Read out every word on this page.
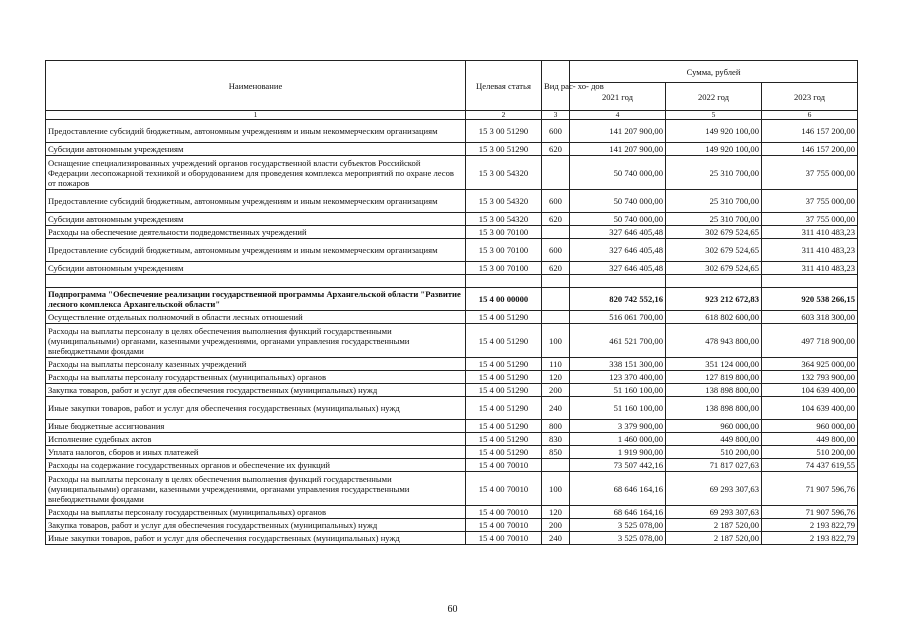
Наименование	Целевая статья	Вид рас- хо- дов	Сумма, рублей		
			2021 год	2022 год	2023 год
1	2	3	4	5	6
Предоставление субсидий бюджетным, автономным учреждениям и иным некоммерческим организациям	15 3 00 51290	600	141 207 900,00	149 920 100,00	146 157 200,00
Субсидии автономным учреждениям	15 3 00 51290	620	141 207 900,00	149 920 100,00	146 157 200,00
Оснащение специализированных учреждений органов государственной власти субъектов Российской Федерации лесопожарной техникой и оборудованием для проведения комплекса мероприятий по охране лесов от пожаров	15 3 00 54320		50 740 000,00	25 310 700,00	37 755 000,00
Предоставление субсидий бюджетным, автономным учреждениям и иным некоммерческим организациям	15 3 00 54320	600	50 740 000,00	25 310 700,00	37 755 000,00
Субсидии автономным учреждениям	15 3 00 54320	620	50 740 000,00	25 310 700,00	37 755 000,00
Расходы на обеспечение деятельности подведомственных учреждений	15 3 00 70100		327 646 405,48	302 679 524,65	311 410 483,23
Предоставление субсидий бюджетным, автономным учреждениям и иным некоммерческим организациям	15 3 00 70100	600	327 646 405,48	302 679 524,65	311 410 483,23
Субсидии автономным учреждениям	15 3 00 70100	620	327 646 405,48	302 679 524,65	311 410 483,23

Подпрограмма "Обеспечение реализации государственной программы Архангельской области "Развитие лесного комплекса Архангельской области"	15 4 00 00000		820 742 552,16	923 212 672,83	920 538 266,15
Осуществление отдельных полномочий в области лесных отношений	15 4 00 51290		516 061 700,00	618 802 600,00	603 318 300,00
Расходы на выплаты персоналу в целях обеспечения выполнения функций государственными (муниципальными) органами, казенными учреждениями, органами управления государственными внебюджетными фондами	15 4 00 51290	100	461 521 700,00	478 943 800,00	497 718 900,00
Расходы на выплаты персоналу казенных учреждений	15 4 00 51290	110	338 151 300,00	351 124 000,00	364 925 000,00
Расходы на выплаты персоналу государственных (муниципальных) органов	15 4 00 51290	120	123 370 400,00	127 819 800,00	132 793 900,00
Закупка товаров, работ и услуг для обеспечения государственных (муниципальных) нужд	15 4 00 51290	200	51 160 100,00	138 898 800,00	104 639 400,00
Иные закупки товаров, работ и услуг для обеспечения государственных (муниципальных) нужд	15 4 00 51290	240	51 160 100,00	138 898 800,00	104 639 400,00
Иные бюджетные ассигнования	15 4 00 51290	800	3 379 900,00	960 000,00	960 000,00
Исполнение судебных актов	15 4 00 51290	830	1 460 000,00	449 800,00	449 800,00
Уплата налогов, сборов и иных платежей	15 4 00 51290	850	1 919 900,00	510 200,00	510 200,00
Расходы на содержание государственных органов и обеспечение их функций	15 4 00 70010		73 507 442,16	71 817 027,63	74 437 619,55
Расходы на выплаты персоналу в целях обеспечения выполнения функций государственными (муниципальными) органами, казенными учреждениями, органами управления государственными внебюджетными фондами	15 4 00 70010	100	68 646 164,16	69 293 307,63	71 907 596,76
Расходы на выплаты персоналу государственных (муниципальных) органов	15 4 00 70010	120	68 646 164,16	69 293 307,63	71 907 596,76
Закупка товаров, работ и услуг для обеспечения государственных (муниципальных) нужд	15 4 00 70010	200	3 525 078,00	2 187 520,00	2 193 822,79
Иные закупки товаров, работ и услуг для обеспечения государственных (муниципальных) нужд	15 4 00 70010	240	3 525 078,00	2 187 520,00	2 193 822,79
60
